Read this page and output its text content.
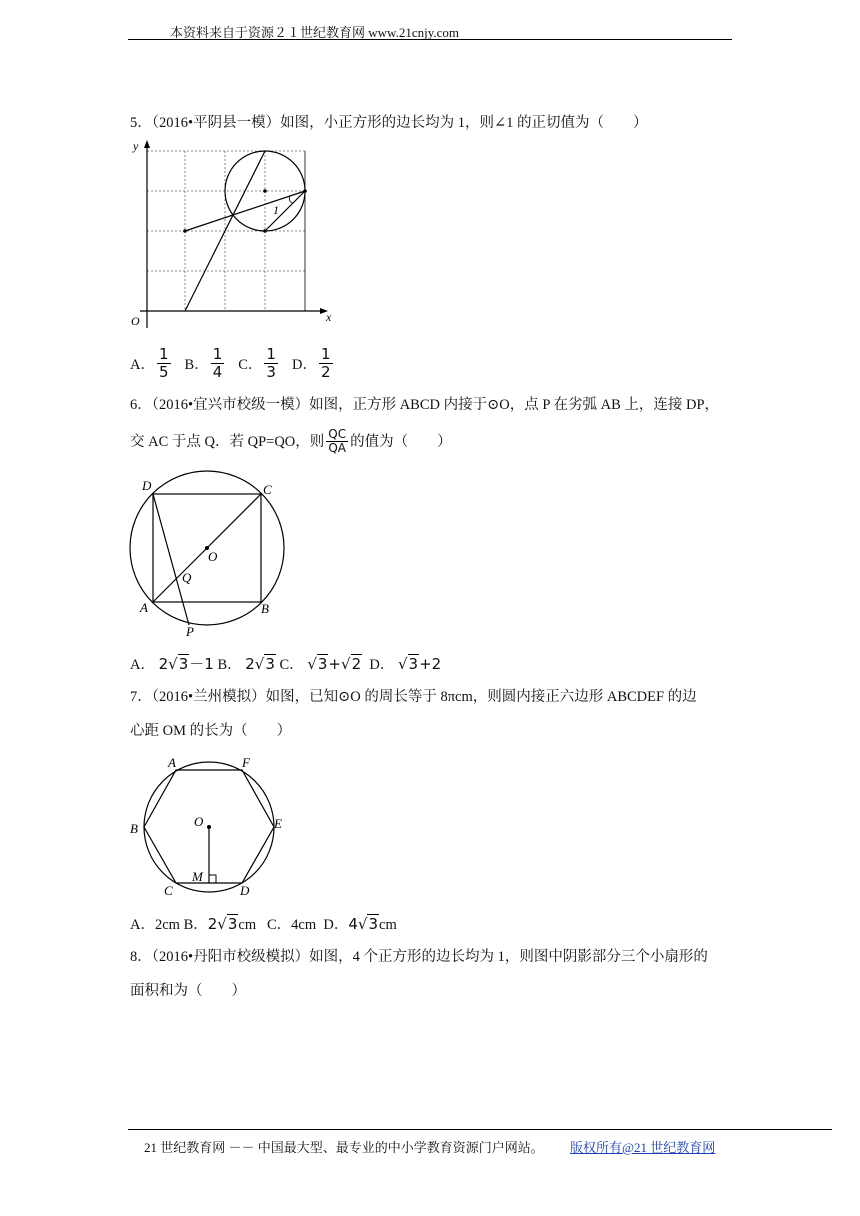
本资料来自于资源２１世纪教育网 www.21cnjy.com
5．（2016•平阴县一模）如图，小正方形的边长均为 1，则∠1 的正切值为（　　）
y
x
O
1
A． $\frac{1}{5}$ B． $\frac{1}{4}$ C． $\frac{1}{3}$ D． $\frac{1}{2}$
6．（2016•宜兴市校级一模）如图，正方形 ABCD 内接于⊙O，点 P 在劣弧 AB 上，连接 DP，
交 AC 于点 Q．若 QP=QO，则 $\frac{QC}{QA}$ 的值为（　　）
D	C
A	B
O
Q
P
A． 2√3－1 B． 2√3 C． √3+√2 D． √3+2
7．（2016•兰州模拟）如图，已知⊙O 的周长等于 8πcm，则圆内接正六边形 ABCDEF 的边
心距 OM 的长为（　　）
A	F
B	E
C	D
O
M
A．2cm B．2√3cm C．4cm D．4√3cm
8．（2016•丹阳市校级模拟）如图，4 个正方形的边长均为 1，则图中阴影部分三个小扇形的
面积和为（　　）
21 世纪教育网 －－ 中国最大型、最专业的中小学教育资源门户网站。 版权所有@21 世纪教育网
